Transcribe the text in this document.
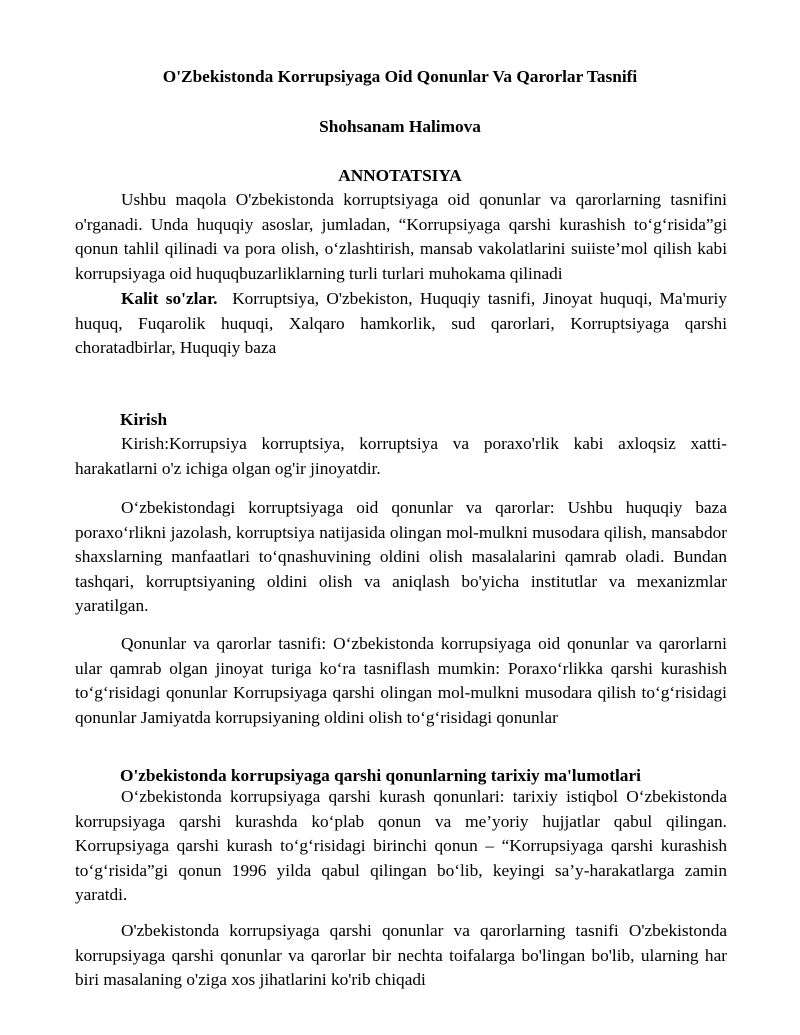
O'Zbekistonda Korrupsiyaga Oid Qonunlar Va Qarorlar Tasnifi
Shohsanam Halimova
ANNOTATSIYA
Ushbu maqola O'zbekistonda korruptsiyaga oid qonunlar va qarorlarning tasnifini o'rganadi. Unda huquqiy asoslar, jumladan, “Korrupsiyaga qarshi kurashish to‘g‘risida”gi qonun tahlil qilinadi va pora olish, o‘zlashtirish, mansab vakolatlarini suiiste’mol qilish kabi korrupsiyaga oid huquqbuzarliklarning turli turlari muhokama qilinadi
Kalit so'zlar. Korruptsiya, O'zbekiston, Huquqiy tasnifi, Jinoyat huquqi, Ma'muriy huquq, Fuqarolik huquqi, Xalqaro hamkorlik, sud qarorlari, Korruptsiyaga qarshi choratadbirlar, Huquqiy baza
Kirish
Kirish:Korrupsiya korruptsiya, korruptsiya va poraxo'rlik kabi axloqsiz xatti-harakatlarni o'z ichiga olgan og'ir jinoyatdir.
O‘zbekistondagi korruptsiyaga oid qonunlar va qarorlar: Ushbu huquqiy baza poraxo‘rlikni jazolash, korruptsiya natijasida olingan mol-mulkni musodara qilish, mansabdor shaxslarning manfaatlari to‘qnashuvining oldini olish masalalarini qamrab oladi. Bundan tashqari, korruptsiyaning oldini olish va aniqlash bo'yicha institutlar va mexanizmlar yaratilgan.
Qonunlar va qarorlar tasnifi: O‘zbekistonda korrupsiyaga oid qonunlar va qarorlarni ular qamrab olgan jinoyat turiga ko‘ra tasniflash mumkin: Poraxo‘rlikka qarshi kurashish to‘g‘risidagi qonunlar Korrupsiyaga qarshi olingan mol-mulkni musodara qilish to‘g‘risidagi qonunlar Jamiyatda korrupsiyaning oldini olish to‘g‘risidagi qonunlar
O'zbekistonda korrupsiyaga qarshi qonunlarning tarixiy ma'lumotlari
O‘zbekistonda korrupsiyaga qarshi kurash qonunlari: tarixiy istiqbol O‘zbekistonda korrupsiyaga qarshi kurashda ko‘plab qonun va me’yoriy hujjatlar qabul qilingan. Korrupsiyaga qarshi kurash to‘g‘risidagi birinchi qonun – “Korrupsiyaga qarshi kurashish to‘g‘risida”gi qonun 1996 yilda qabul qilingan bo‘lib, keyingi sa’y-harakatlarga zamin yaratdi.
O'zbekistonda korrupsiyaga qarshi qonunlar va qarorlarning tasnifi O'zbekistonda korrupsiyaga qarshi qonunlar va qarorlar bir nechta toifalarga bo'lingan bo'lib, ularning har biri masalaning o'ziga xos jihatlarini ko'rib chiqadi
